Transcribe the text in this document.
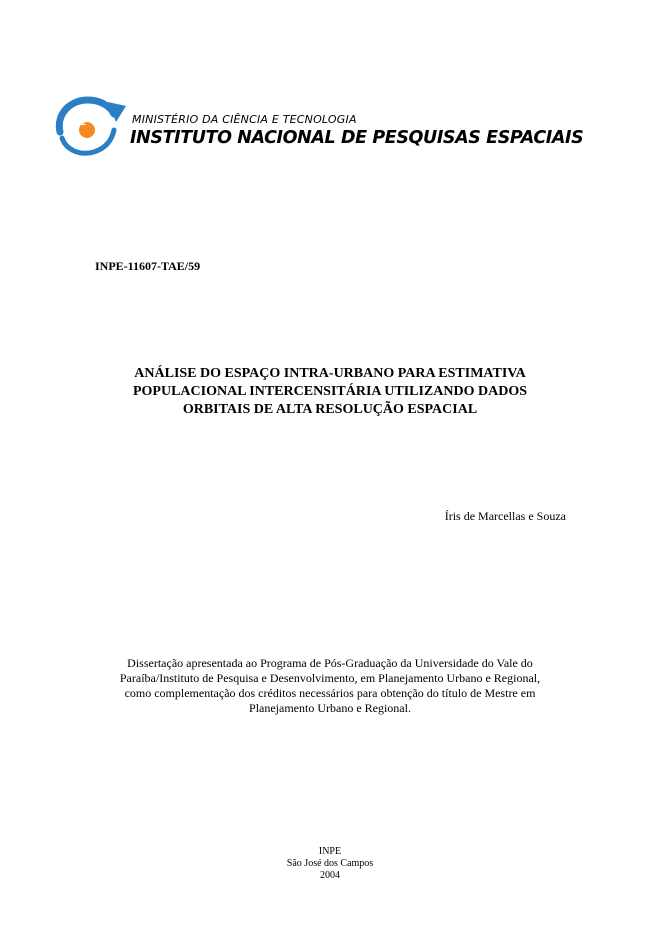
INPE	MINISTÉRIO DA CIÊNCIA E TECNOLOGIA
INSTITUTO NACIONAL DE PESQUISAS ESPACIAIS
INPE-11607-TAE/59
ANÁLISE DO ESPAÇO INTRA-URBANO PARA ESTIMATIVA
POPULACIONAL INTERCENSITÁRIA UTILIZANDO DADOS
ORBITAIS DE ALTA RESOLUÇÃO ESPACIAL
Íris de Marcellas e Souza
Dissertação apresentada ao Programa de Pós-Graduação da Universidade do Vale do
Paraíba/Instituto de Pesquisa e Desenvolvimento, em Planejamento Urbano e Regional,
como complementação dos créditos necessários para obtenção do título de Mestre em
Planejamento Urbano e Regional.
INPE
São José dos Campos
2004
